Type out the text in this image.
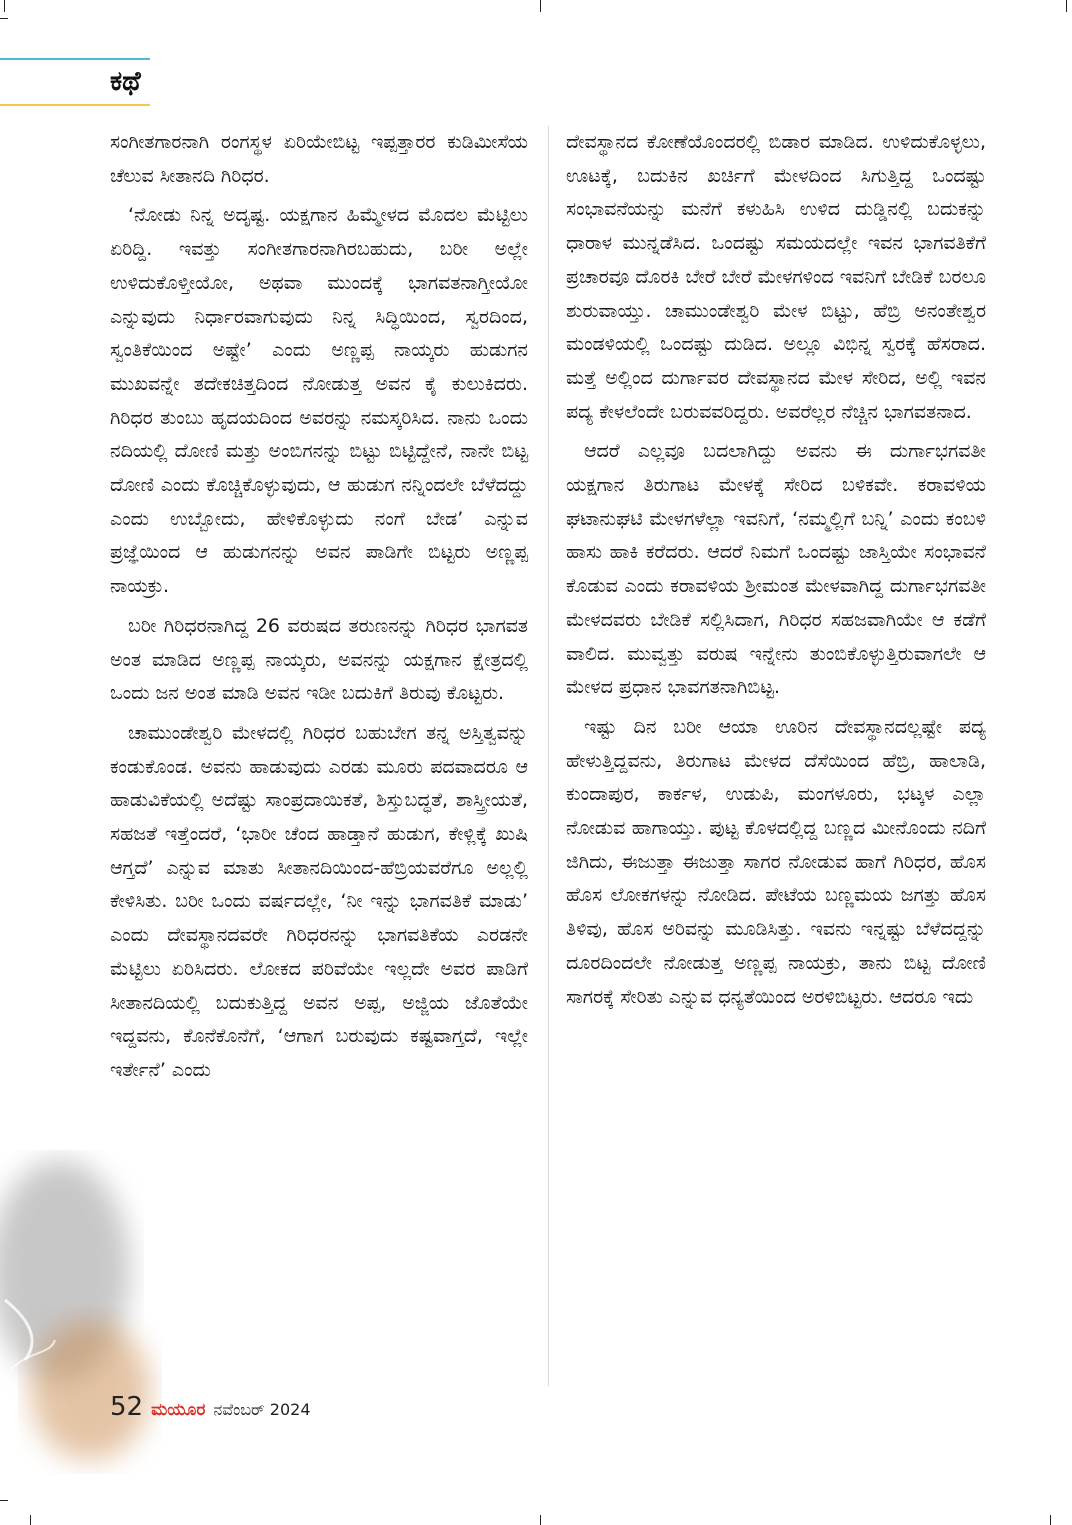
ಕಥೆ

ಸಂಗೀತಗಾರನಾಗಿ ರಂಗಸ್ಥಳ ಏರಿಯೇಬಿಟ್ಟ ಇಪ್ಪತ್ತಾರರ ಕುಡಿಮೀಸೆಯ ಚೆಲುವ ಸೀತಾನದಿ ಗಿರಿಧರ.

‘ನೋಡು ನಿನ್ನ ಅದೃಷ್ಟ. ಯಕ್ಷಗಾನ ಹಿಮ್ಮೇಳದ ಮೊದಲ ಮೆಟ್ಟಿಲು ಏರಿದ್ದಿ. ಇವತ್ತು ಸಂಗೀತಗಾರನಾಗಿರಬಹುದು, ಬರೀ ಅಲ್ಲೇ ಉಳಿದುಕೊಳ್ತೀಯೋ, ಅಥವಾ ಮುಂದಕ್ಕೆ ಭಾಗವತನಾಗ್ತೀಯೋ ಎನ್ನುವುದು ನಿರ್ಧಾರವಾಗುವುದು ನಿನ್ನ ಸಿದ್ಧಿಯಿಂದ, ಸ್ವರದಿಂದ, ಸ್ವಂತಿಕೆಯಿಂದ ಅಷ್ಟೇ’ ಎಂದು ಅಣ್ಣಪ್ಪ ನಾಯ್ಕರು ಹುಡುಗನ ಮುಖವನ್ನೇ ತದೇಕಚಿತ್ತದಿಂದ ನೋಡುತ್ತ ಅವನ ಕೈ ಕುಲುಕಿದರು. ಗಿರಿಧರ ತುಂಬು ಹೃದಯದಿಂದ ಅವರನ್ನು ನಮಸ್ಕರಿಸಿದ. ನಾನು ಒಂದು ನದಿಯಲ್ಲಿ ದೋಣಿ ಮತ್ತು ಅಂಬಿಗನನ್ನು ಬಿಟ್ಟು ಬಿಟ್ಟಿದ್ದೇನೆ, ನಾನೇ ಬಿಟ್ಟ ದೋಣಿ ಎಂದು ಕೊಚ್ಚಿಕೊಳ್ಳುವುದು, ಆ ಹುಡುಗ ನನ್ನಿಂದಲೇ ಬೆಳೆದದ್ದು ಎಂದು ಉಬ್ಬೋದು, ಹೇಳಿಕೊಳ್ಳುದು ನಂಗೆ ಬೇಡ’ ಎನ್ನುವ ಪ್ರಜ್ಞೆಯಿಂದ ಆ ಹುಡುಗನನ್ನು ಅವನ ಪಾಡಿಗೇ ಬಿಟ್ಟರು ಅಣ್ಣಪ್ಪ ನಾಯಕ್ರು.

ಬರೀ ಗಿರಿಧರನಾಗಿದ್ದ 26 ವರುಷದ ತರುಣನನ್ನು ಗಿರಿಧರ ಭಾಗವತ ಅಂತ ಮಾಡಿದ ಅಣ್ಣಪ್ಪ ನಾಯ್ಕರು, ಅವನನ್ನು ಯಕ್ಷಗಾನ ಕ್ಷೇತ್ರದಲ್ಲಿ ಒಂದು ಜನ ಅಂತ ಮಾಡಿ ಅವನ ಇಡೀ ಬದುಕಿಗೆ ತಿರುವು ಕೊಟ್ಟರು.

ಚಾಮುಂಡೇಶ್ವರಿ ಮೇಳದಲ್ಲಿ ಗಿರಿಧರ ಬಹುಬೇಗ ತನ್ನ ಅಸ್ತಿತ್ವವನ್ನು ಕಂಡುಕೊಂಡ. ಅವನು ಹಾಡುವುದು ಎರಡು ಮೂರು ಪದವಾದರೂ ಆ ಹಾಡುವಿಕೆಯಲ್ಲಿ ಅದೆಷ್ಟು ಸಾಂಪ್ರದಾಯಿಕತೆ, ಶಿಸ್ತುಬದ್ಧತೆ, ಶಾಸ್ತ್ರೀಯತೆ, ಸಹಜತೆ ಇತ್ತೆಂದರೆ, ‘ಭಾರೀ ಚೆಂದ ಹಾಡ್ತಾನೆ ಹುಡುಗ, ಕೇಳ್ಲಿಕ್ಕೆ ಖುಷಿ ಆಗ್ತದೆ’ ಎನ್ನುವ ಮಾತು ಸೀತಾನದಿಯಿಂದ-ಹೆಬ್ರಿಯವರೆಗೂ ಅಲ್ಲಲ್ಲಿ ಕೇಳಿಸಿತು. ಬರೀ ಒಂದು ವರ್ಷದಲ್ಲೇ, ‘ನೀ ಇನ್ನು ಭಾಗವತಿಕೆ ಮಾಡು’ ಎಂದು ದೇವಸ್ಥಾನದವರೇ ಗಿರಿಧರನನ್ನು ಭಾಗವತಿಕೆಯ ಎರಡನೇ ಮೆಟ್ಟಿಲು ಏರಿಸಿದರು. ಲೋಕದ ಪರಿವೆಯೇ ಇಲ್ಲದೇ ಅವರ ಪಾಡಿಗೆ ಸೀತಾನದಿಯಲ್ಲಿ ಬದುಕುತ್ತಿದ್ದ ಅವನ ಅಪ್ಪ, ಅಜ್ಜಿಯ ಜೊತೆಯೇ ಇದ್ದವನು, ಕೊನೆಕೊನೆಗೆ, ‘ಆಗಾಗ ಬರುವುದು ಕಷ್ಟವಾಗ್ತದೆ, ಇಲ್ಲೇ ಇರ್ತೇನೆ’ ಎಂದು

ದೇವಸ್ಥಾನದ ಕೋಣೆಯೊಂದರಲ್ಲಿ ಬಿಡಾರ ಮಾಡಿದ. ಉಳಿದುಕೊಳ್ಳಲು, ಊಟಕ್ಕೆ, ಬದುಕಿನ ಖರ್ಚಿಗೆ ಮೇಳದಿಂದ ಸಿಗುತ್ತಿದ್ದ ಒಂದಷ್ಟು ಸಂಭಾವನೆಯನ್ನು ಮನೆಗೆ ಕಳುಹಿಸಿ ಉಳಿದ ದುಡ್ಡಿನಲ್ಲಿ ಬದುಕನ್ನು ಧಾರಾಳ ಮುನ್ನಡೆಸಿದ. ಒಂದಷ್ಟು ಸಮಯದಲ್ಲೇ ಇವನ ಭಾಗವತಿಕೆಗೆ ಪ್ರಚಾರವೂ ದೊರಕಿ ಬೇರೆ ಬೇರೆ ಮೇಳಗಳಿಂದ ಇವನಿಗೆ ಬೇಡಿಕೆ ಬರಲೂ ಶುರುವಾಯ್ತು. ಚಾಮುಂಡೇಶ್ವರಿ ಮೇಳ ಬಿಟ್ಟು, ಹೆಬ್ರಿ ಅನಂತೇಶ್ವರ ಮಂಡಳಿಯಲ್ಲಿ ಒಂದಷ್ಟು ದುಡಿದ. ಅಲ್ಲೂ ವಿಭಿನ್ನ ಸ್ವರಕ್ಕೆ ಹೆಸರಾದ. ಮತ್ತೆ ಅಲ್ಲಿಂದ ದುರ್ಗಾವರ ದೇವಸ್ಥಾನದ ಮೇಳ ಸೇರಿದ, ಅಲ್ಲಿ ಇವನ ಪದ್ಯ ಕೇಳಲೆಂದೇ ಬರುವವರಿದ್ದರು. ಅವರೆಲ್ಲರ ನೆಚ್ಚಿನ ಭಾಗವತನಾದ.

ಆದರೆ ಎಲ್ಲವೂ ಬದಲಾಗಿದ್ದು ಅವನು ಈ ದುರ್ಗಾಭಗವತೀ ಯಕ್ಷಗಾನ ತಿರುಗಾಟ ಮೇಳಕ್ಕೆ ಸೇರಿದ ಬಳಿಕವೇ. ಕರಾವಳಿಯ ಘಟಾನುಘಟಿ ಮೇಳಗಳೆಲ್ಲಾ ಇವನಿಗೆ, ‘ನಮ್ಮಲ್ಲಿಗೆ ಬನ್ನಿ’ ಎಂದು ಕಂಬಳಿ ಹಾಸು ಹಾಕಿ ಕರೆದರು. ಆದರೆ ನಿಮಗೆ ಒಂದಷ್ಟು ಜಾಸ್ತಿಯೇ ಸಂಭಾವನೆ ಕೊಡುವ ಎಂದು ಕರಾವಳಿಯ ಶ್ರೀಮಂತ ಮೇಳವಾಗಿದ್ದ ದುರ್ಗಾಭಗವತೀ ಮೇಳದವರು ಬೇಡಿಕೆ ಸಲ್ಲಿಸಿದಾಗ, ಗಿರಿಧರ ಸಹಜವಾಗಿಯೇ ಆ ಕಡೆಗೆ ವಾಲಿದ. ಮುವ್ವತ್ತು ವರುಷ ಇನ್ನೇನು ತುಂಬಿಕೊಳ್ಳುತ್ತಿರುವಾಗಲೇ ಆ ಮೇಳದ ಪ್ರಧಾನ ಭಾವಗತನಾಗಿಬಿಟ್ಟ.

ಇಷ್ಟು ದಿನ ಬರೀ ಆಯಾ ಊರಿನ ದೇವಸ್ಥಾನದಲ್ಲಷ್ಟೇ ಪದ್ಯ ಹೇಳುತ್ತಿದ್ದವನು, ತಿರುಗಾಟ ಮೇಳದ ದೆಸೆಯಿಂದ ಹೆಬ್ರಿ, ಹಾಲಾಡಿ, ಕುಂದಾಪುರ, ಕಾರ್ಕಳ, ಉಡುಪಿ, ಮಂಗಳೂರು, ಭಟ್ಕಳ ಎಲ್ಲಾ ನೋಡುವ ಹಾಗಾಯ್ತು. ಪುಟ್ಟ ಕೊಳದಲ್ಲಿದ್ದ ಬಣ್ಣದ ಮೀನೊಂದು ನದಿಗೆ ಜಿಗಿದು, ಈಜುತ್ತಾ ಈಜುತ್ತಾ ಸಾಗರ ನೋಡುವ ಹಾಗೆ ಗಿರಿಧರ, ಹೊಸ ಹೊಸ ಲೋಕಗಳನ್ನು ನೋಡಿದ. ಪೇಟೆಯ ಬಣ್ಣಮಯ ಜಗತ್ತು ಹೊಸ ತಿಳಿವು, ಹೊಸ ಅರಿವನ್ನು ಮೂಡಿಸಿತ್ತು. ಇವನು ಇನ್ನಷ್ಟು ಬೆಳೆದದ್ದನ್ನು ದೂರದಿಂದಲೇ ನೋಡುತ್ತ ಅಣ್ಣಪ್ಪ ನಾಯಕ್ರು, ತಾನು ಬಿಟ್ಟ ದೋಣಿ ಸಾಗರಕ್ಕೆ ಸೇರಿತು ಎನ್ನುವ ಧನ್ಯತೆಯಿಂದ ಅರಳಿಬಿಟ್ಟರು. ಆದರೂ ಇದು

52 ಮಯೂರ ನವೆಂಬರ್ 2024
